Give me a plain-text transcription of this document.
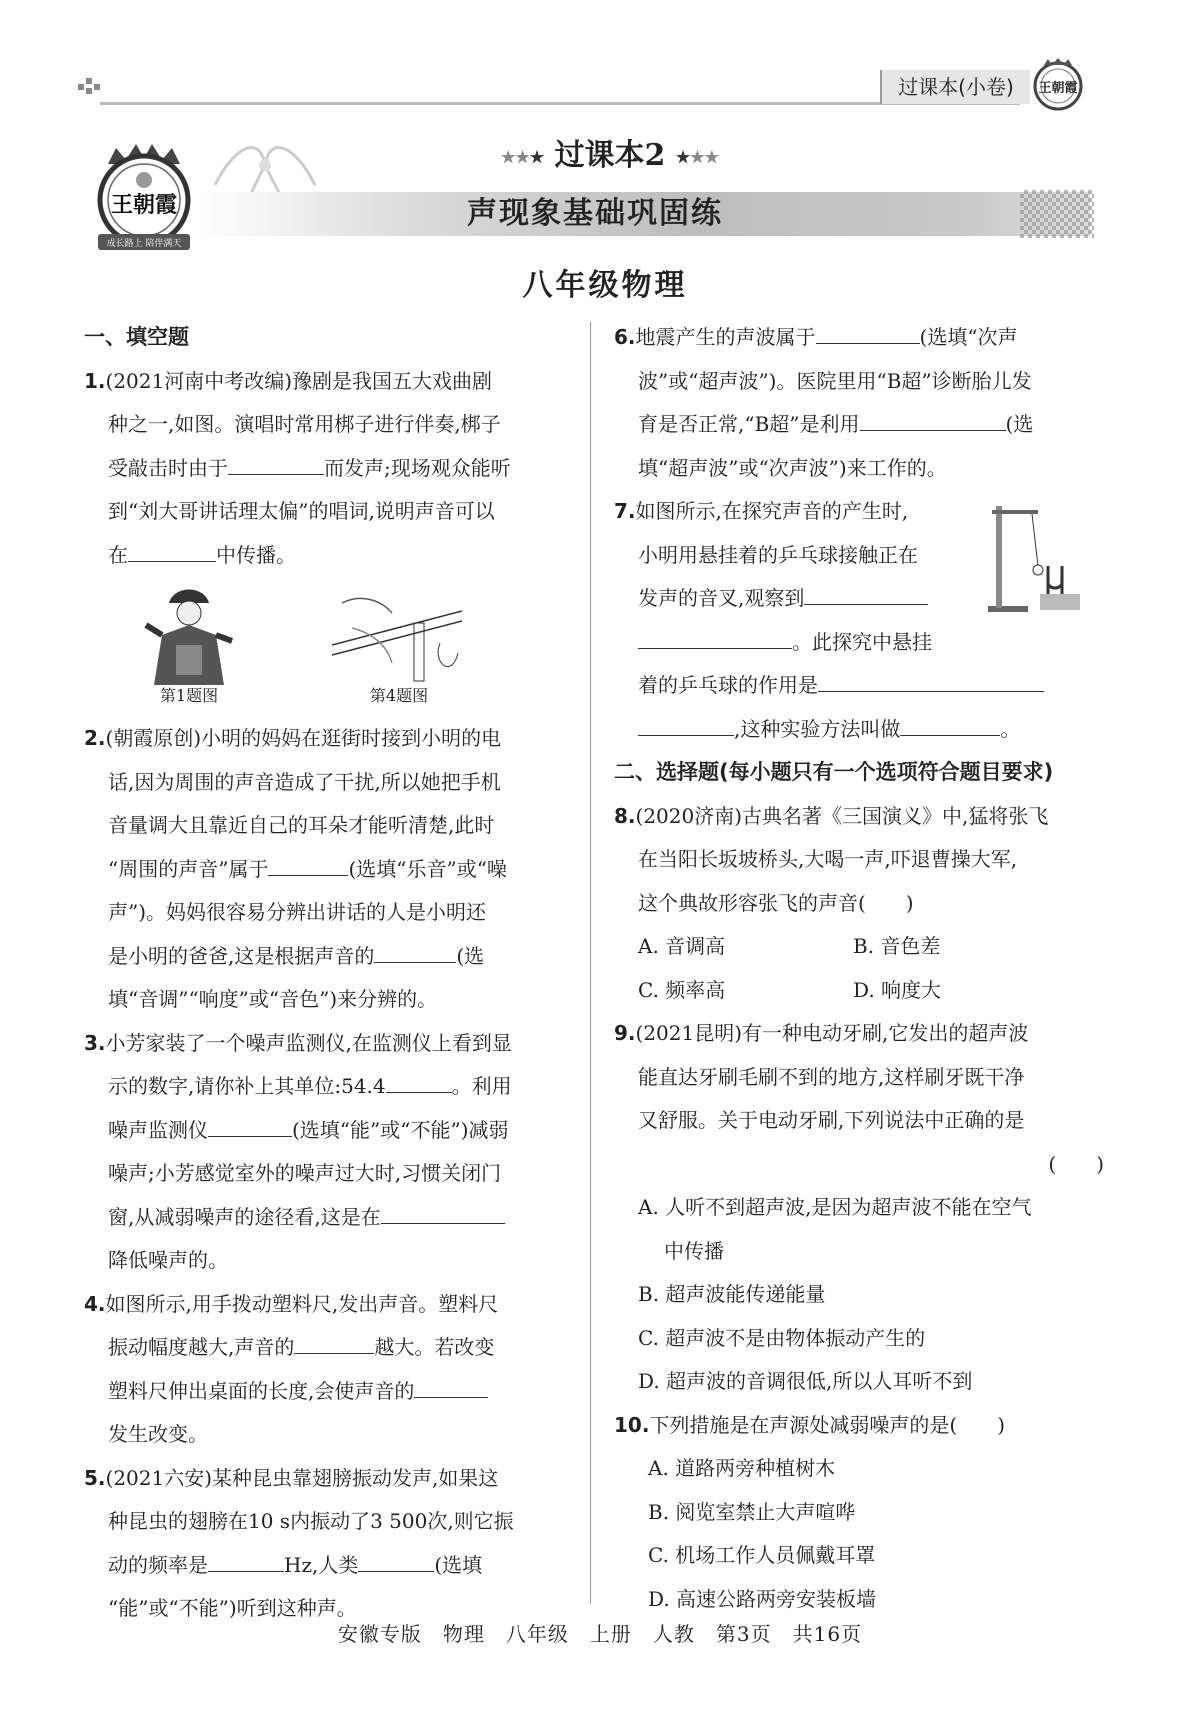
过课本(小卷)	王朝霞
王朝霞
成长路上 陪伴满天
★★★ 过课本2 ★★★
声现象基础巩固练
八年级物理

一、填空题

1.(2021河南中考改编)豫剧是我国五大戏曲剧

种之一,如图。演唱时常用梆子进行伴奏,梆子

受敲击时由于	而发声;现场观众能听

到“刘大哥讲话理太偏”的唱词,说明声音可以

在	中传播。

第1题图	第4题图

2.(朝霞原创)小明的妈妈在逛街时接到小明的电

话,因为周围的声音造成了干扰,所以她把手机

音量调大且靠近自己的耳朵才能听清楚,此时

“周围的声音”属于	(选填“乐音”或“噪

声”)。妈妈很容易分辨出讲话的人是小明还

是小明的爸爸,这是根据声音的	(选

填“音调”“响度”或“音色”)来分辨的。

3.小芳家装了一个噪声监测仪,在监测仪上看到显

示的数字,请你补上其单位:54.4	。利用

噪声监测仪	(选填“能”或“不能”)减弱

噪声;小芳感觉室外的噪声过大时,习惯关闭门

窗,从减弱噪声的途径看,这是在

降低噪声的。

4.如图所示,用手拨动塑料尺,发出声音。塑料尺

振动幅度越大,声音的	越大。若改变

塑料尺伸出桌面的长度,会使声音的

发生改变。

5.(2021六安)某种昆虫靠翅膀振动发声,如果这

种昆虫的翅膀在10 s内振动了3 500次,则它振

动的频率是	Hz,人类	(选填

“能”或“不能”)听到这种声。

6.地震产生的声波属于	(选填“次声

波”或“超声波”)。医院里用“B超”诊断胎儿发

育是否正常,“B超”是利用	(选

填“超声波”或“次声波”)来工作的。

7.如图所示,在探究声音的产生时,

小明用悬挂着的乒乓球接触正在

发声的音叉,观察到

。此探究中悬挂

着的乒乓球的作用是

,这种实验方法叫做	。

二、选择题(每小题只有一个选项符合题目要求)

8.(2020济南)古典名著《三国演义》中,猛将张飞

在当阳长坂坡桥头,大喝一声,吓退曹操大军,

这个典故形容张飞的声音(　　)

A. 音调高	B. 音色差
C. 频率高	D. 响度大

9.(2021昆明)有一种电动牙刷,它发出的超声波

能直达牙刷毛刷不到的地方,这样刷牙既干净

又舒服。关于电动牙刷,下列说法中正确的是

(　　)

A. 人听不到超声波,是因为超声波不能在空气

中传播

B. 超声波能传递能量

C. 超声波不是由物体振动产生的

D. 超声波的音调很低,所以人耳听不到

10.下列措施是在声源处减弱噪声的是(　　)

A. 道路两旁种植树木

B. 阅览室禁止大声喧哗

C. 机场工作人员佩戴耳罩

D. 高速公路两旁安装板墙

安徽专版　物理　八年级　上册　人教　第3页　共16页
